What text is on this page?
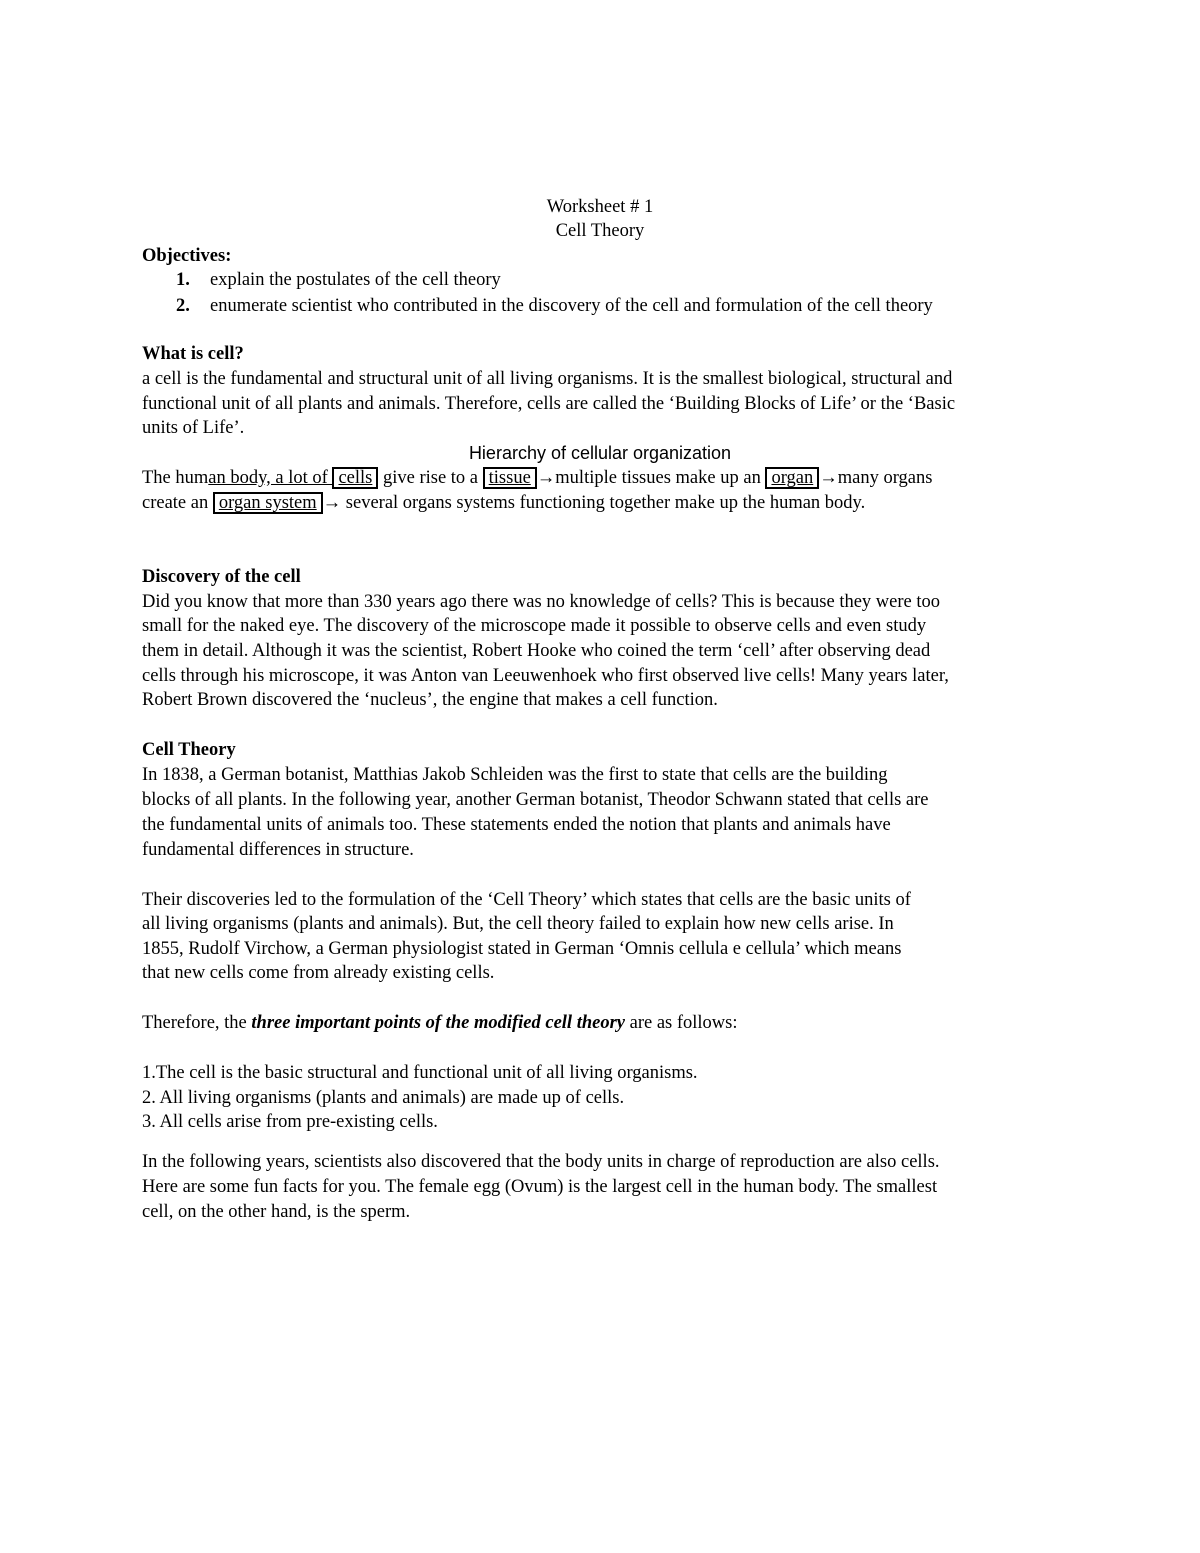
Worksheet # 1
Cell Theory
Objectives:
1. explain the postulates of the cell theory
2. enumerate scientist who contributed in the discovery of the cell and formulation of the cell theory
What is cell?
a cell is the fundamental and structural unit of all living organisms. It is the smallest biological, structural and
functional unit of all plants and animals. Therefore, cells are called the ‘Building Blocks of Life’ or the ‘Basic
units of Life’.
Hierarchy of cellular organization
The human body, a lot of cells give rise to a tissue→multiple tissues make up an organ→many organs
create an organ system→ several organs systems functioning together make up the human body.
Discovery of the cell
Did you know that more than 330 years ago there was no knowledge of cells? This is because they were too
small for the naked eye. The discovery of the microscope made it possible to observe cells and even study
them in detail. Although it was the scientist, Robert Hooke who coined the term ‘cell’ after observing dead
cells through his microscope, it was Anton van Leeuwenhoek who first observed live cells! Many years later,
Robert Brown discovered the ‘nucleus’, the engine that makes a cell function.
Cell Theory
In 1838, a German botanist, Matthias Jakob Schleiden was the first to state that cells are the building
blocks of all plants. In the following year, another German botanist, Theodor Schwann stated that cells are
the fundamental units of animals too. These statements ended the notion that plants and animals have
fundamental differences in structure.
Their discoveries led to the formulation of the ‘Cell Theory’ which states that cells are the basic units of
all living organisms (plants and animals). But, the cell theory failed to explain how new cells arise. In
1855, Rudolf Virchow, a German physiologist stated in German ‘Omnis cellula e cellula’ which means
that new cells come from already existing cells.
Therefore, the three important points of the modified cell theory are as follows:
1.The cell is the basic structural and functional unit of all living organisms.
2. All living organisms (plants and animals) are made up of cells.
3. All cells arise from pre-existing cells.
In the following years, scientists also discovered that the body units in charge of reproduction are also cells.
Here are some fun facts for you. The female egg (Ovum) is the largest cell in the human body. The smallest
cell, on the other hand, is the sperm.
